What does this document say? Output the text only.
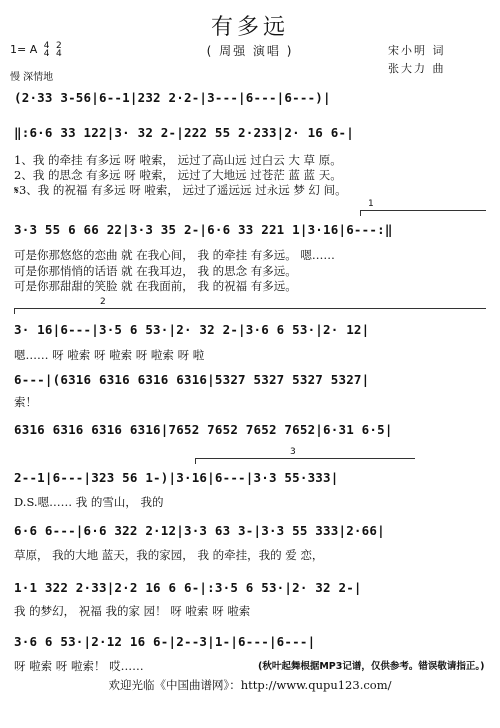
有多远
( 周强 演唱 )	宋小明 词
张大力 曲
1= A 4
4 2
4
慢 深情地
(2·33 3-56|6--1|232 2·2-|3---|6---|6---)|
‖:6·6 33 122|3· 32 2-|222 55 2·233|2· 16 6-|
1、我 的牵挂 有多远 呀 啦索， 远过了高山远 过白云 大 草 原。
2、我 的思念 有多远 呀 啦索， 远过了大地远 过苍茫 蓝 蓝 天。
𝄋3、我 的祝福 有多远 呀 啦索， 远过了遥远远 过永远 梦 幻 间。
1
3·3 55 6 66 22|3·3 35 2-|6·6 33 221 1|3·16|6---:‖
可是你那悠悠的恋曲 就 在我心间， 我 的牵挂 有多远。 嗯……
可是你那悄悄的话语 就 在我耳边， 我 的思念 有多远。
可是你那甜甜的笑脸 就 在我面前， 我 的祝福 有多远。
2
3· 16|6---|3·5 6 53·|2· 32 2-|3·6 6 53·|2· 12|
嗯…… 呀 啦索 呀 啦索 呀 啦索 呀 啦
6---|(6316 6316 6316 6316|5327 5327 5327 5327|
索！
6316 6316 6316 6316|7652 7652 7652 7652|6·31 6·5|
3
2--1|6---|323 56 1-)|3·16|6---|3·3 55·333|
D.S.嗯…… 我 的雪山， 我的
6·6 6---|6·6 322 2·12|3·3 63 3-|3·3 55 333|2·66|
草原， 我的大地 蓝天，我的家园， 我 的牵挂，我的 爱 恋，
1·1 322 2·33|2·2 16 6 6-|:3·5 6 53·|2· 32 2-|
我 的梦幻， 祝福 我的家 园！ 呀 啦索 呀 啦索
3·6 6 53·|2·12 16 6-|2--3|1-|6---|6---|
呀 啦索 呀 啦索！ 哎……	(秋叶起舞根据MP3记谱，仅供参考。错误敬请指正。)
欢迎光临《中国曲谱网》：http://www.qupu123.com/
